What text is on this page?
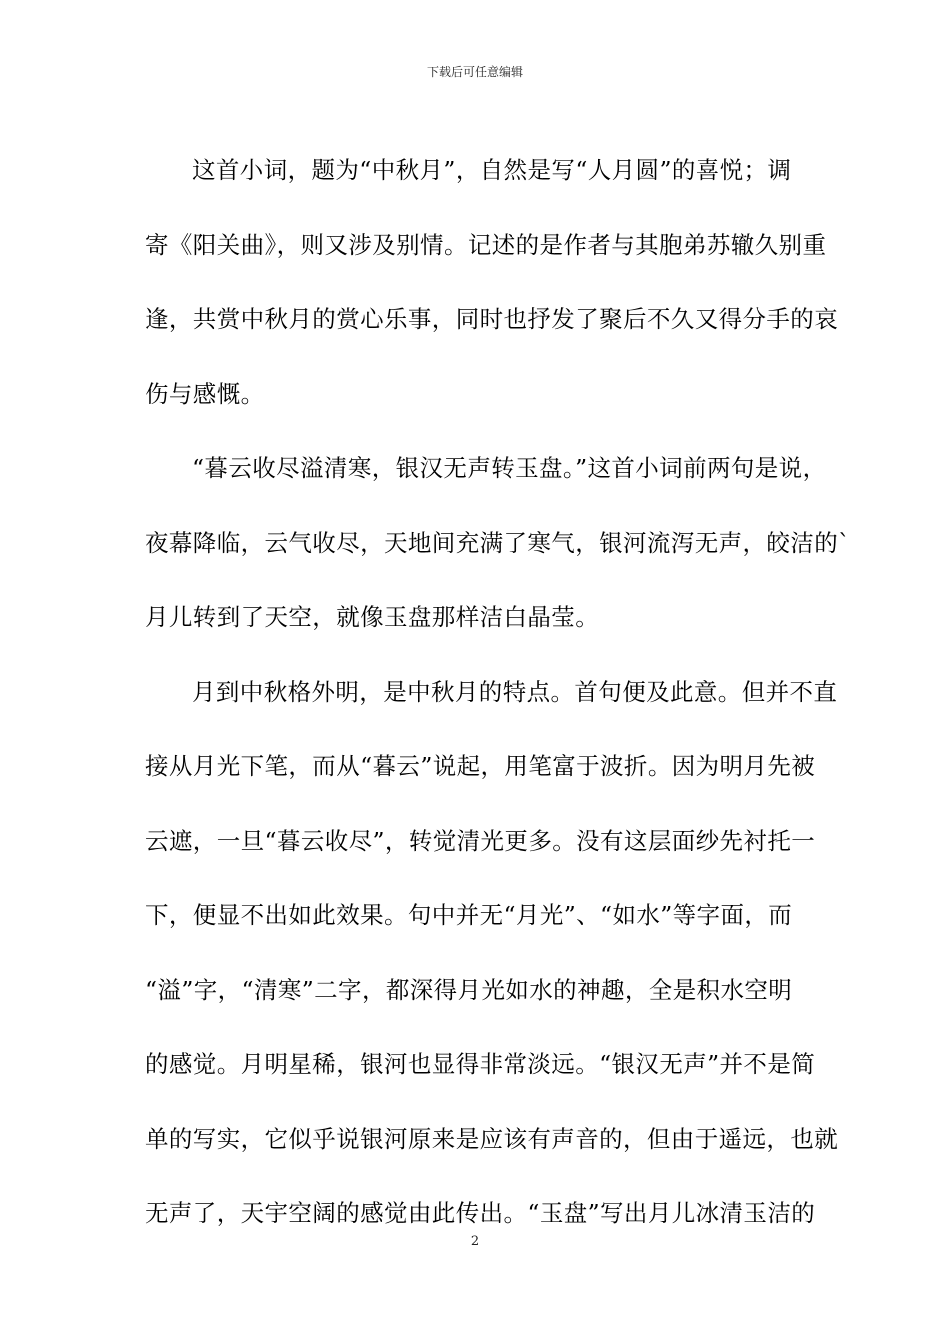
下载后可任意编辑

这首小词，题为“中秋月”，自然是写“人月圆”的喜悦；调
寄《阳关曲》，则又涉及别情。记述的是作者与其胞弟苏辙久别重
逢，共赏中秋月的赏心乐事，同时也抒发了聚后不久又得分手的哀
伤与感慨。

“暮云收尽溢清寒，银汉无声转玉盘。”这首小词前两句是说，
夜幕降临，云气收尽，天地间充满了寒气，银河流泻无声，皎洁的`
月儿转到了天空，就像玉盘那样洁白晶莹。

月到中秋格外明，是中秋月的特点。首句便及此意。但并不直
接从月光下笔，而从“暮云”说起，用笔富于波折。因为明月先被
云遮，一旦“暮云收尽”，转觉清光更多。没有这层面纱先衬托一
下，便显不出如此效果。句中并无“月光”、“如水”等字面，而
“溢”字，“清寒”二字，都深得月光如水的神趣，全是积水空明
的感觉。月明星稀，银河也显得非常淡远。“银汉无声”并不是简
单的写实，它似乎说银河原来是应该有声音的，但由于遥远，也就
无声了，天宇空阔的感觉由此传出。“玉盘”写出月儿冰清玉洁的

2
